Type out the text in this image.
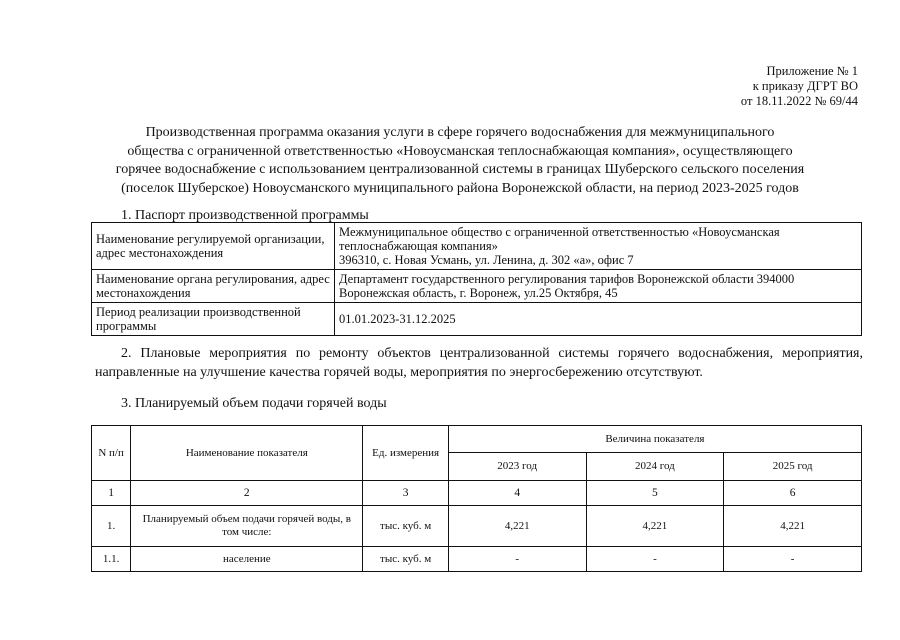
Приложение № 1
к приказу ДГРТ ВО
от 18.11.2022 № 69/44
Производственная программа оказания услуги в сфере горячего водоснабжения для межмуниципального
общества с ограниченной ответственностью «Новоусманская теплоснабжающая компания», осуществляющего
горячее водоснабжение с использованием централизованной системы в границах Шуберского сельского поселения
(поселок Шуберское) Новоусманского муниципального района Воронежской области, на период 2023-2025 годов
1. Паспорт производственной программы
Наименование регулируемой организации, адрес местонахождения	Межмуниципальное общество с ограниченной ответственностью «Новоусманская теплоснабжающая компания»
396310, с. Новая Усмань, ул. Ленина, д. 302 «а», офис 7

Наименование органа регулирования, адрес местонахождения	Департамент государственного регулирования тарифов Воронежской области 394000 Воронежская область, г. Воронеж, ул.25 Октября, 45
Период реализации производственной программы	01.01.2023-31.12.2025
2. Плановые мероприятия по ремонту объектов централизованной системы горячего водоснабжения, мероприятия, направленные на улучшение качества горячей воды, мероприятия по энергосбережению отсутствуют.
3. Планируемый объем подачи горячей воды
N п/п	Наименование показателя	Ед. измерения	Величина показателя		
			2023 год	2024 год	2025 год
1	2	3	4	5	6
1.	Планируемый объем подачи горячей воды, в том числе:	тыс. куб. м	4,221	4,221	4,221
1.1.	население	тыс. куб. м	-	-	-
